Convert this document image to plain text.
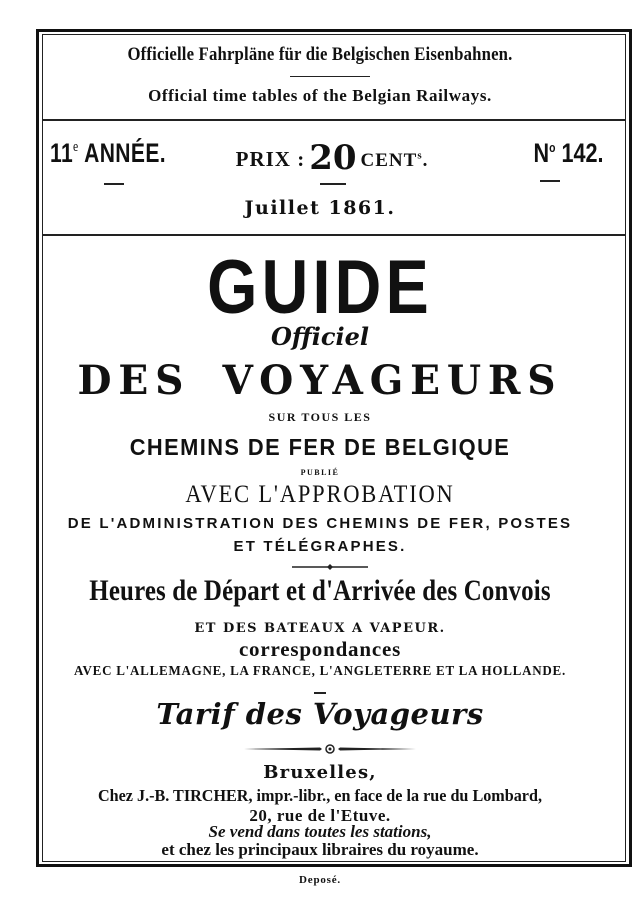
Officielle Fahrpläne für die Belgischen Eisenbahnen.
Official time tables of the Belgian Railways.
11e ANNÉE.	PRIX : 20 CENT$^s$.	$N^o$ 142.
Juillet 1861.
GUIDE
Officiel
DES VOYAGEURS
SUR TOUS LES
CHEMINS DE FER DE BELGIQUE
PUBLIÉ
AVEC L'APPROBATION
DE L'ADMINISTRATION DES CHEMINS DE FER, POSTES
ET TÉLÉGRAPHES.
Heures de Départ et d'Arrivée des Convois
ET DES BATEAUX A VAPEUR.
correspondances
AVEC L'ALLEMAGNE, LA FRANCE, L'ANGLETERRE ET LA HOLLANDE.
Tarif des Voyageurs
Bruxelles,
Chez J.-B. TIRCHER, impr.-libr., en face de la rue du Lombard,
20, rue de l'Etuve.
Se vend dans toutes les stations,
et chez les principaux libraires du royaume.
Deposé.
